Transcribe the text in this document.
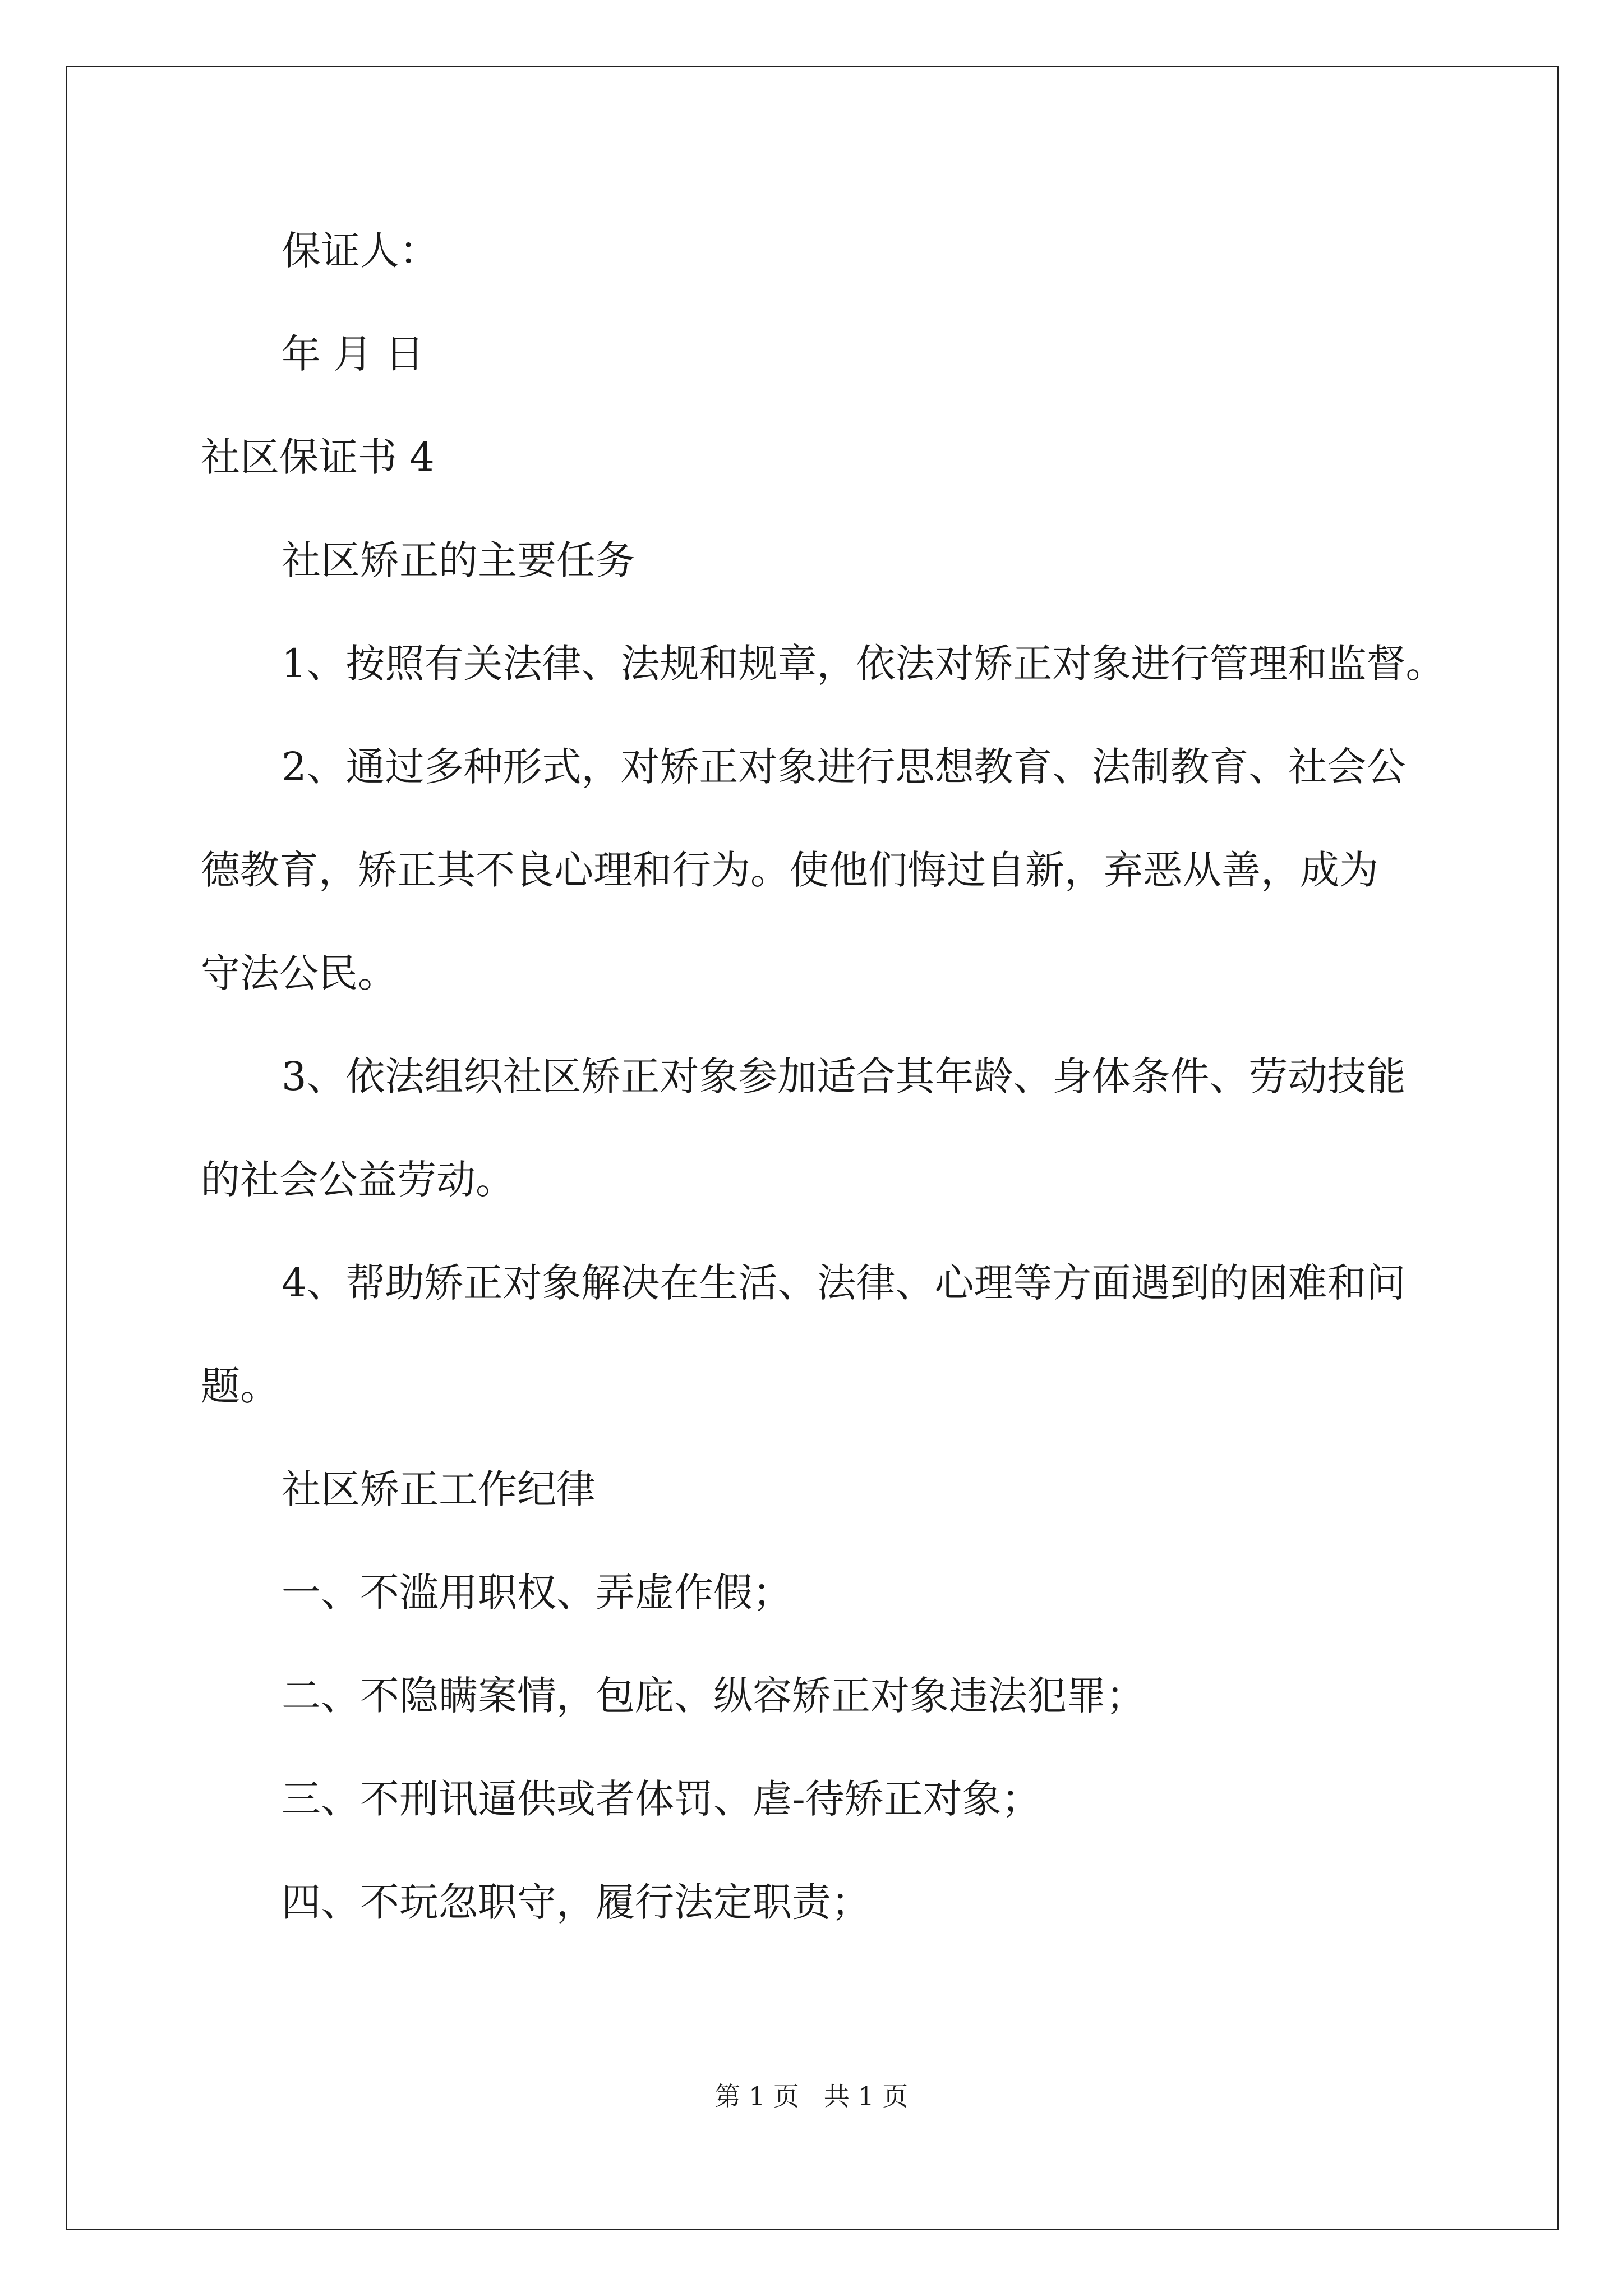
保证人：
年 月 日
社区保证书 4
社区矫正的主要任务
1、按照有关法律、法规和规章，依法对矫正对象进行管理和监督。
2、通过多种形式，对矫正对象进行思想教育、法制教育、社会公
德教育，矫正其不良心理和行为。使他们悔过自新，弃恶从善，成为
守法公民。
3、依法组织社区矫正对象参加适合其年龄、身体条件、劳动技能
的社会公益劳动。
4、帮助矫正对象解决在生活、法律、心理等方面遇到的困难和问
题。
社区矫正工作纪律
一、不滥用职权、弄虚作假；
二、不隐瞒案情，包庇、纵容矫正对象违法犯罪；
三、不刑讯逼供或者体罚、虐-待矫正对象；
四、不玩忽职守，履行法定职责；
第 1 页   共 1 页
